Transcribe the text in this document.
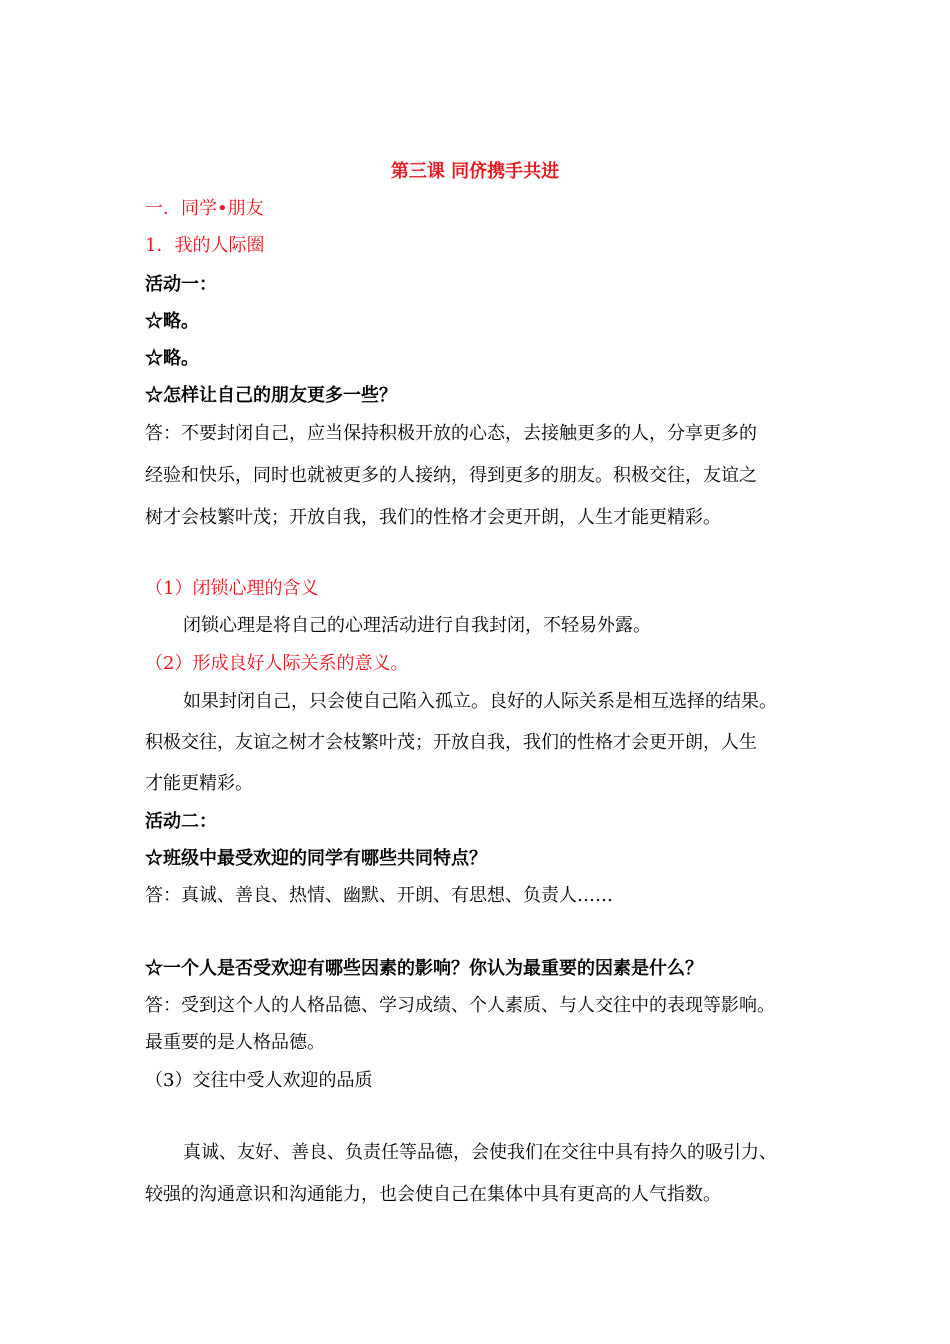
第三课 同侪携手共进
一．同学•朋友
1．我的人际圈
活动一：
☆略。
☆略。
☆怎样让自己的朋友更多一些？
答：不要封闭自己，应当保持积极开放的心态，去接触更多的人，分享更多的
经验和快乐，同时也就被更多的人接纳，得到更多的朋友。积极交往，友谊之
树才会枝繁叶茂；开放自我，我们的性格才会更开朗，人生才能更精彩。
（1）闭锁心理的含义
闭锁心理是将自己的心理活动进行自我封闭，不轻易外露。
（2）形成良好人际关系的意义。
如果封闭自己，只会使自己陷入孤立。良好的人际关系是相互选择的结果。
积极交往，友谊之树才会枝繁叶茂；开放自我，我们的性格才会更开朗，人生
才能更精彩。
活动二：
☆班级中最受欢迎的同学有哪些共同特点？
答：真诚、善良、热情、幽默、开朗、有思想、负责人……
☆一个人是否受欢迎有哪些因素的影响？你认为最重要的因素是什么？
答：受到这个人的人格品德、学习成绩、个人素质、与人交往中的表现等影响。
最重要的是人格品德。
（3）交往中受人欢迎的品质
真诚、友好、善良、负责任等品德，会使我们在交往中具有持久的吸引力、
较强的沟通意识和沟通能力，也会使自己在集体中具有更高的人气指数。
